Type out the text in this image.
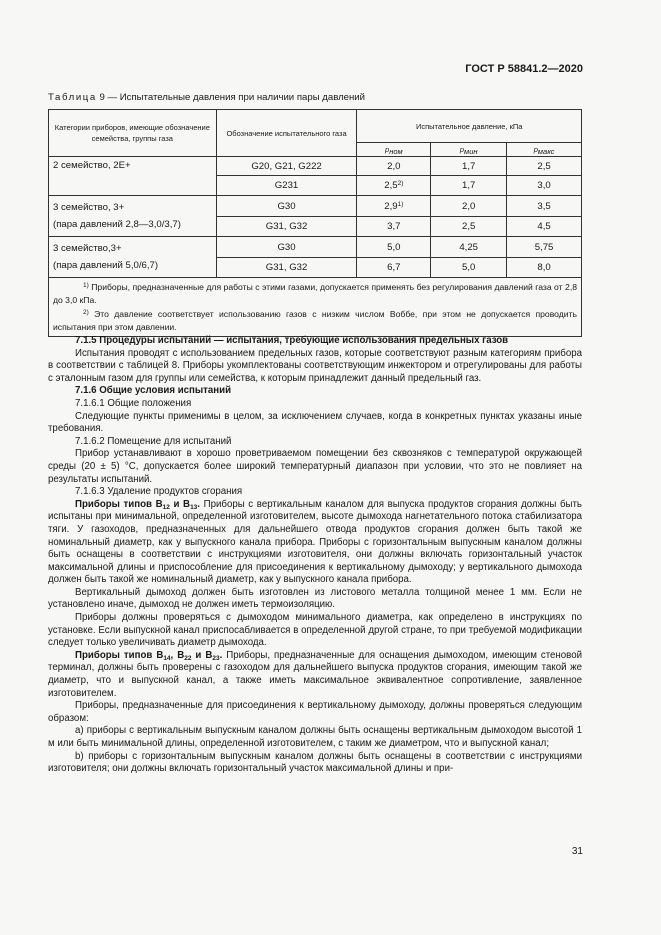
ГОСТ Р 58841.2—2020
Таблица 9 — Испытательные давления при наличии пары давлений
Категории приборов, имеющие обозначение семейства, группы газа	Обозначение испытательного газа	Испытательное давление, кПа		
		$p_{ном}$	$p_{мин}$	$p_{макс}$
2 семейство, 2Е+	G20, G21, G222	2,0	1,7	2,5
	G231	2,5$^{2)}$	1,7	3,0
3 семейство, 3+
(пара давлений 2,8—3,0/3,7)	G30	2,9$^{1)}$	2,0	3,5
	G31, G32	3,7	2,5	4,5
3 семейство,3+
(пара давлений 5,0/6,7)	G30	5,0	4,25	5,75
	G31, G32	6,7	5,0	8,0

$^{1)}$ Приборы, предназначенные для работы с этими газами, допускается применять без регулирования давлений газа от 2,8 до 3,0 кПа.

$^{2)}$ Это давление соответствует использованию газов с низким числом Воббе, при этом не допускается проводить испытания при этом давлении.				

7.1.5 Процедуры испытаний — испытания, требующие использования предельных газов

Испытания проводят с использованием предельных газов, которые соответствуют разным категориям прибора в соответствии с таблицей 8. Приборы укомплектованы соответствующим инжектором и отрегулированы для работы с эталонным газом для группы или семейства, к которым принадлежит данный предельный газ.

7.1.6 Общие условия испытаний

7.1.6.1 Общие положения

Следующие пункты применимы в целом, за исключением случаев, когда в конкретных пунктах указаны иные требования.

7.1.6.2 Помещение для испытаний

Прибор устанавливают в хорошо проветриваемом помещении без сквозняков с температурой окружающей среды (20 ± 5) °С, допускается более широкий температурный диапазон при условии, что это не повлияет на результаты испытаний.

7.1.6.3 Удаление продуктов сгорания

Приборы типов $B_{12}$ и $B_{13}$. Приборы с вертикальным каналом для выпуска продуктов сгорания должны быть испытаны при минимальной, определенной изготовителем, высоте дымохода нагнетательного потока стабилизатора тяги. У газоходов, предназначенных для дальнейшего отвода продуктов сгорания должен быть такой же номинальный диаметр, как у выпускного канала прибора. Приборы с горизонтальным выпускным каналом должны быть оснащены в соответствии с инструкциями изготовителя, они должны включать горизонтальный участок максимальной длины и приспособление для присоединения к вертикальному дымоходу; у вертикального дымохода должен быть такой же номинальный диаметр, как у выпускного канала прибора.

Вертикальный дымоход должен быть изготовлен из листового металла толщиной менее 1 мм. Если не установлено иначе, дымоход не должен иметь термоизоляцию.

Приборы должны проверяться с дымоходом минимального диаметра, как определено в инструкциях по установке. Если выпускной канал приспосабливается в определенной другой стране, то при требуемой модификации следует только увеличивать диаметр дымохода.

Приборы типов $B_{14}$, $B_{22}$ и $B_{23}$. Приборы, предназначенные для оснащения дымоходом, имеющим стеновой терминал, должны быть проверены с газоходом для дальнейшего выпуска продуктов сгорания, имеющим такой же диаметр, что и выпускной канал, а также иметь максимальное эквивалентное сопротивление, заявленное изготовителем.

Приборы, предназначенные для присоединения к вертикальному дымоходу, должны проверяться следующим образом:

а) приборы с вертикальным выпускным каналом должны быть оснащены вертикальным дымоходом высотой 1 м или быть минимальной длины, определенной изготовителем, с таким же диаметром, что и выпускной канал;

b) приборы с горизонтальным выпускным каналом должны быть оснащены в соответствии с инструкциями изготовителя; они должны включать горизонтальный участок максимальной длины и при-

31
